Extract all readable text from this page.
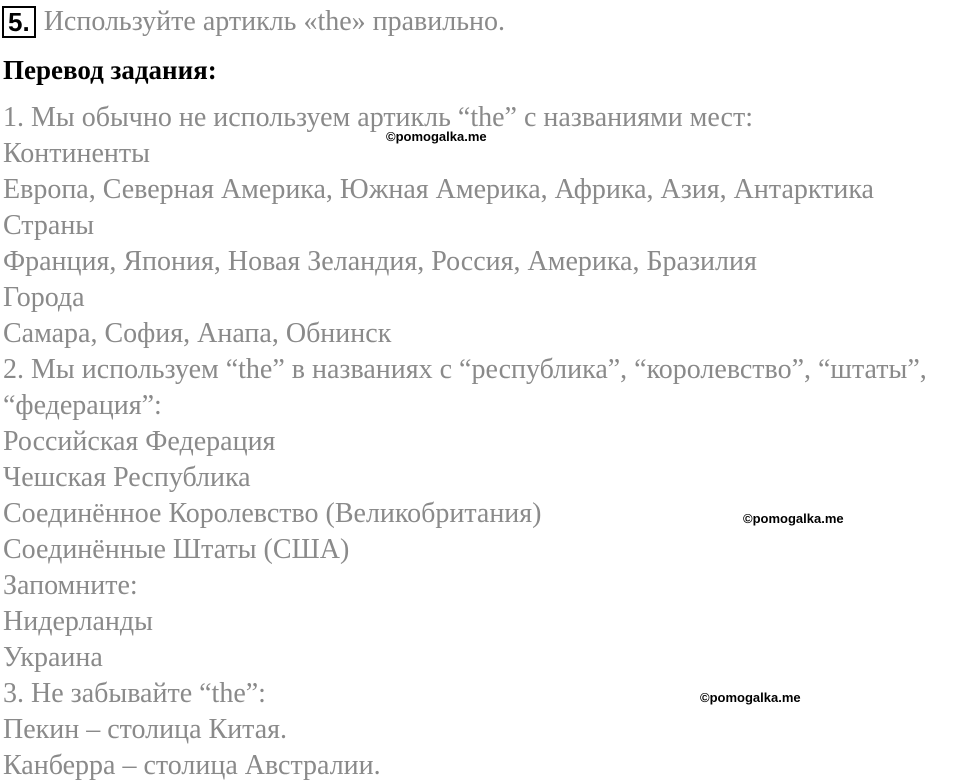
5. Используйте артикль «the» правильно.
Перевод задания:
1. Мы обычно не используем артикль “the” с названиями мест:
Континенты
Европа, Северная Америка, Южная Америка, Африка, Азия, Антарктика
Страны
Франция, Япония, Новая Зеландия, Россия, Америка, Бразилия
Города
Самара, София, Анапа, Обнинск
2. Мы используем “the” в названиях с “республика”, “королевство”, “штаты”,
“федерация”:
Российская Федерация
Чешская Республика
Соединённое Королевство (Великобритания)
Соединённые Штаты (США)
Запомните:
Нидерланды
Украина
3. Не забывайте “the”:
Пекин – столица Китая.
Канберра – столица Австралии.
©pomogalka.me
©pomogalka.me
©pomogalka.me
